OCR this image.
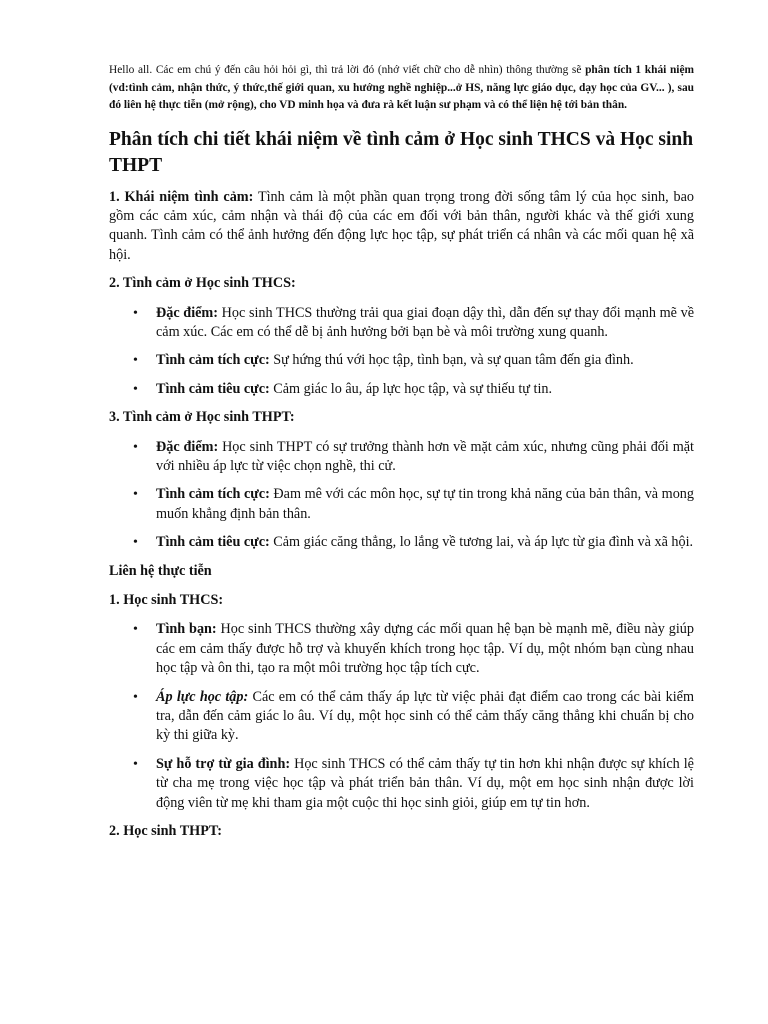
Hello all. Các em chú ý đến câu hỏi hỏi gì, thì trả lời đó (nhớ viết chữ cho dễ nhìn) thông thường sẽ phân tích 1 khái niệm (vd:tình cảm, nhận thức, ý thức,thế giới quan, xu hướng nghề nghiệp...ở HS, năng lực giáo dục, dạy học của GV... ), sau đó liên hệ thực tiễn (mở rộng), cho VD minh họa và đưa rà kết luận sư phạm và có thể liện hệ tới bản thân.

Phân tích chi tiết khái niệm về tình cảm ở Học sinh THCS và Học sinh THPT

1. Khái niệm tình cảm: Tình cảm là một phần quan trọng trong đời sống tâm lý của học sinh, bao gồm các cảm xúc, cảm nhận và thái độ của các em đối với bản thân, người khác và thế giới xung quanh. Tình cảm có thể ảnh hưởng đến động lực học tập, sự phát triển cá nhân và các mối quan hệ xã hội.

2. Tình cảm ở Học sinh THCS:

• Đặc điểm: Học sinh THCS thường trải qua giai đoạn dậy thì, dẫn đến sự thay đổi mạnh mẽ về cảm xúc. Các em có thể dễ bị ảnh hưởng bởi bạn bè và môi trường xung quanh.
• Tình cảm tích cực: Sự hứng thú với học tập, tình bạn, và sự quan tâm đến gia đình.
• Tình cảm tiêu cực: Cảm giác lo âu, áp lực học tập, và sự thiếu tự tin.

3. Tình cảm ở Học sinh THPT:

• Đặc điểm: Học sinh THPT có sự trưởng thành hơn về mặt cảm xúc, nhưng cũng phải đối mặt với nhiều áp lực từ việc chọn nghề, thi cử.
• Tình cảm tích cực: Đam mê với các môn học, sự tự tin trong khả năng của bản thân, và mong muốn khẳng định bản thân.
• Tình cảm tiêu cực: Cảm giác căng thẳng, lo lắng về tương lai, và áp lực từ gia đình và xã hội.

Liên hệ thực tiễn

1. Học sinh THCS:

• Tình bạn: Học sinh THCS thường xây dựng các mối quan hệ bạn bè mạnh mẽ, điều này giúp các em cảm thấy được hỗ trợ và khuyến khích trong học tập. Ví dụ, một nhóm bạn cùng nhau học tập và ôn thi, tạo ra một môi trường học tập tích cực.
• Áp lực học tập: Các em có thể cảm thấy áp lực từ việc phải đạt điểm cao trong các bài kiểm tra, dẫn đến cảm giác lo âu. Ví dụ, một học sinh có thể cảm thấy căng thẳng khi chuẩn bị cho kỳ thi giữa kỳ.
• Sự hỗ trợ từ gia đình: Học sinh THCS có thể cảm thấy tự tin hơn khi nhận được sự khích lệ từ cha mẹ trong việc học tập và phát triển bản thân. Ví dụ, một em học sinh nhận được lời động viên từ mẹ khi tham gia một cuộc thi học sinh giỏi, giúp em tự tin hơn.

2. Học sinh THPT:
